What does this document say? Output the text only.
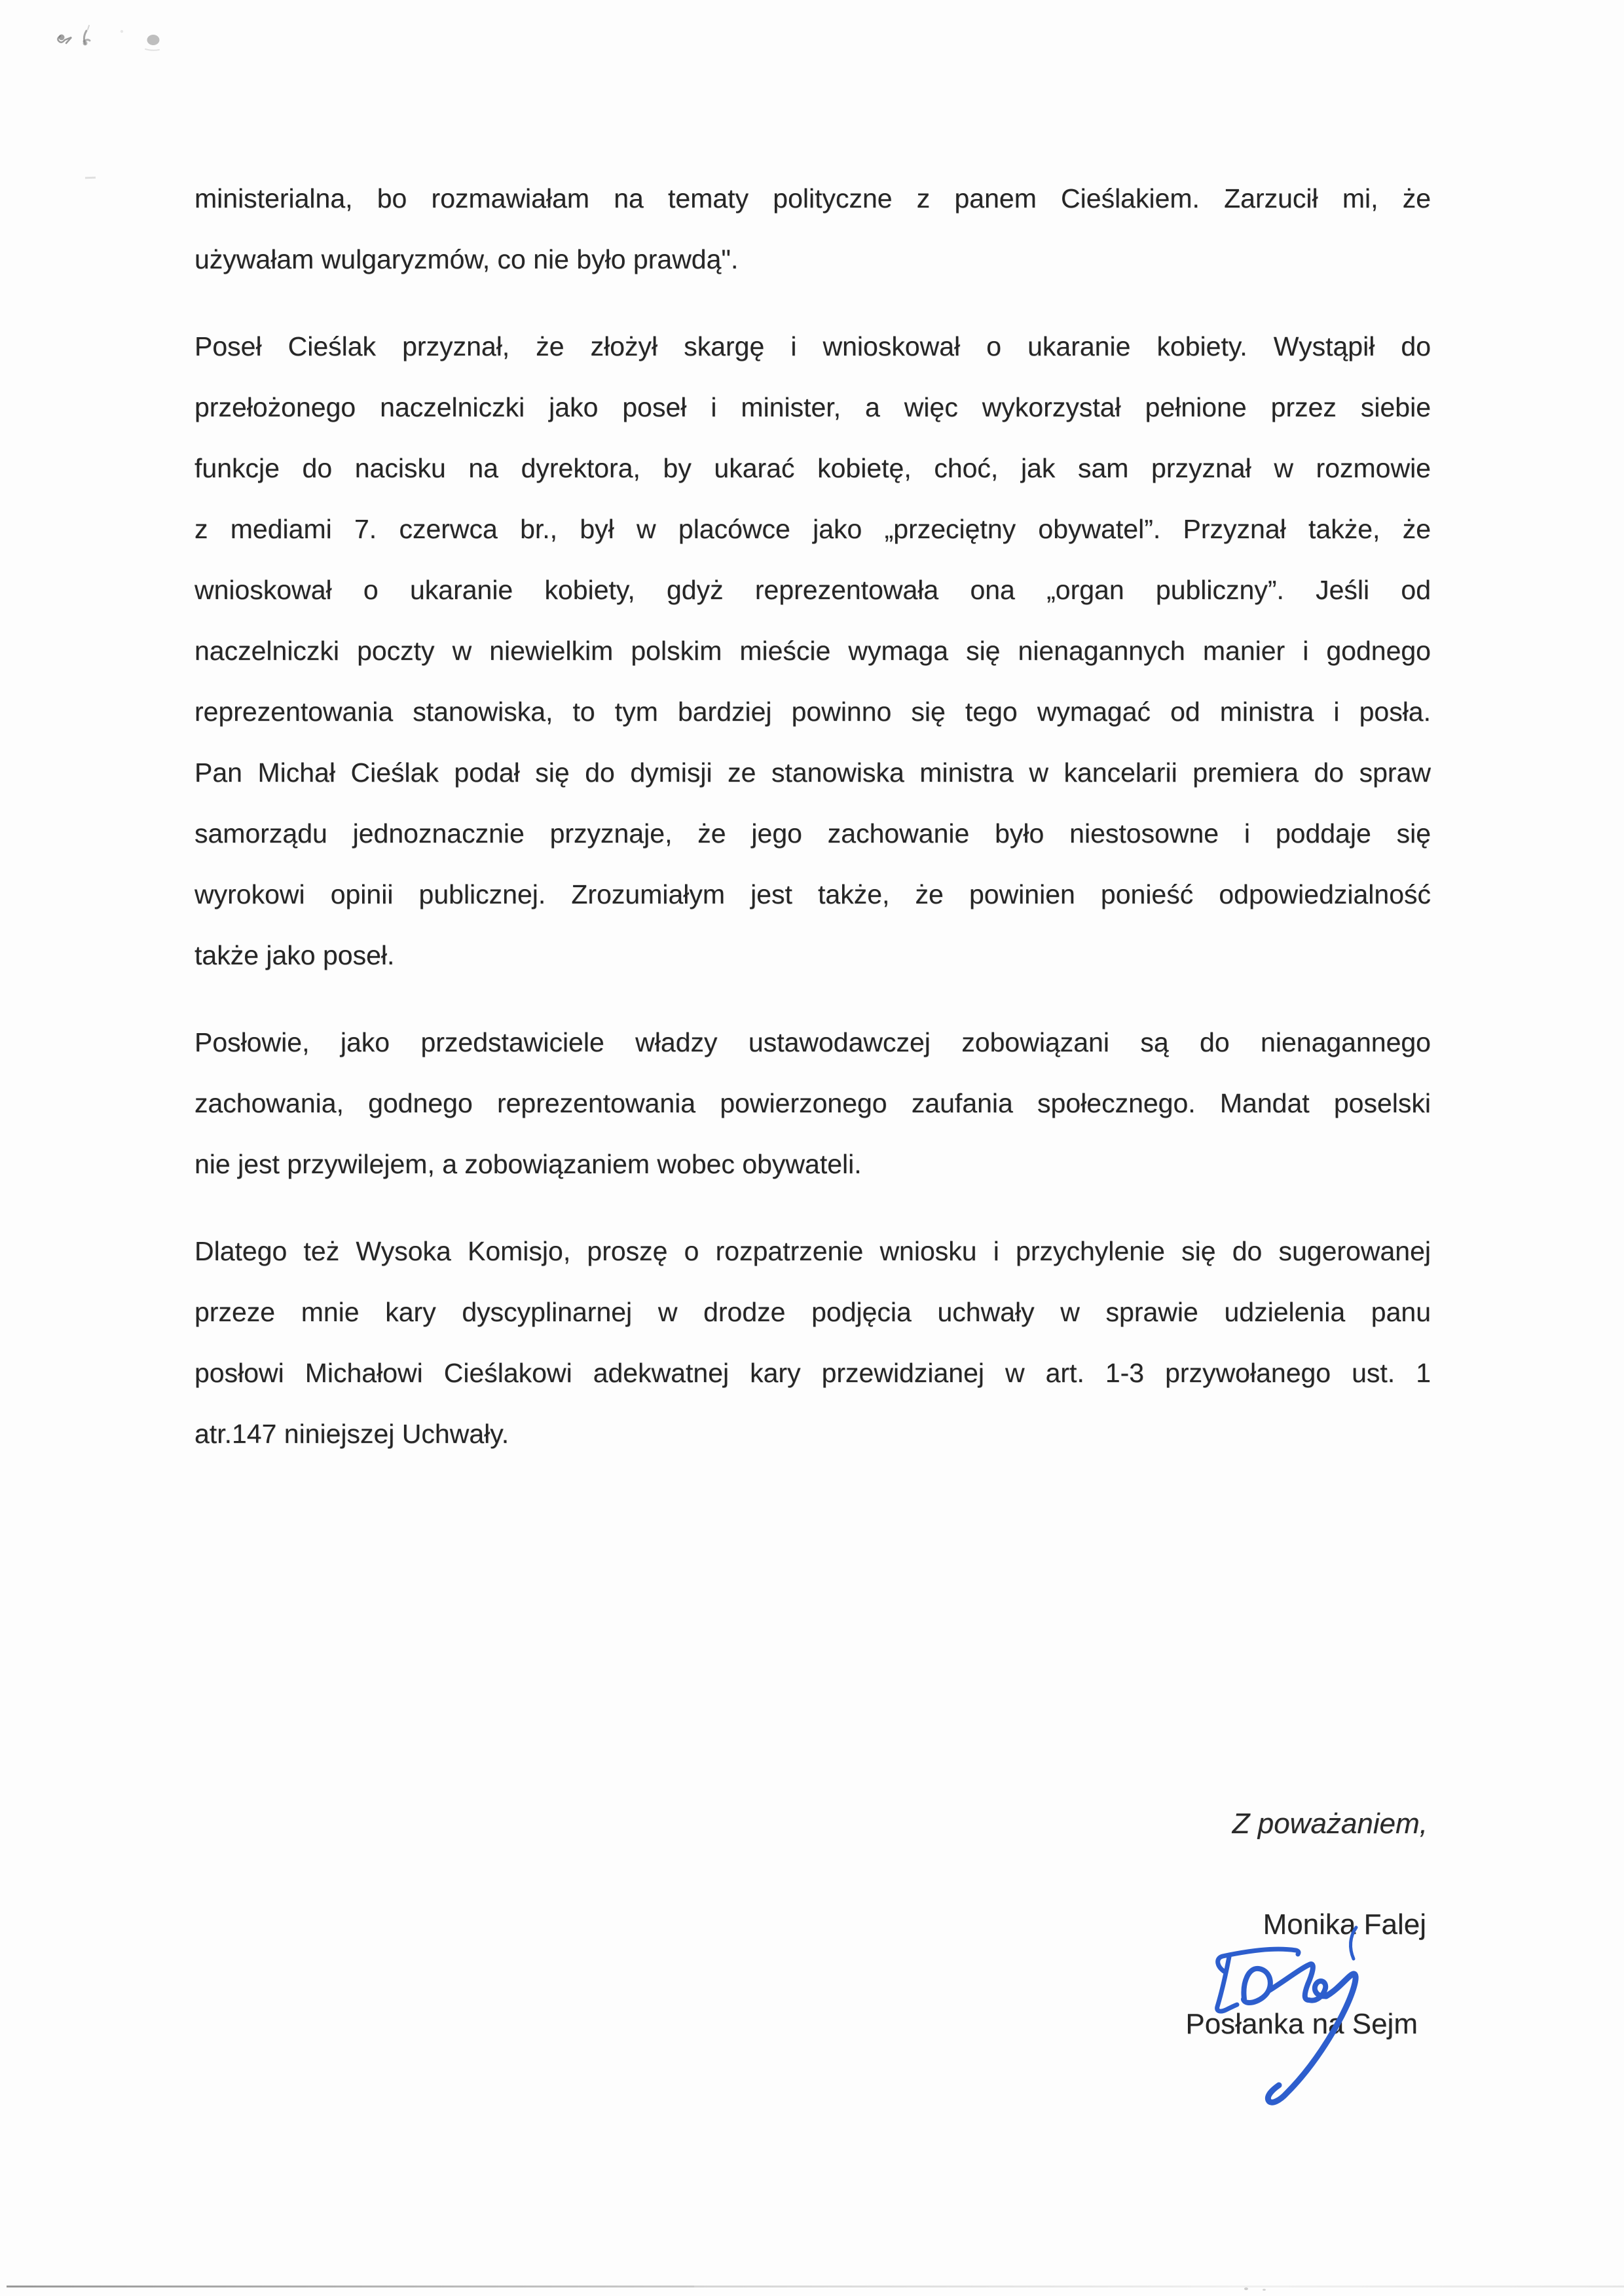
ministerialna, bo rozmawiałam na tematy polityczne z panem Cieślakiem. Zarzucił mi, że
używałam wulgaryzmów, co nie było prawdą".
Poseł Cieślak przyznał, że złożył skargę i wnioskował o ukaranie kobiety. Wystąpił do
przełożonego naczelniczki jako poseł i minister, a więc wykorzystał pełnione przez siebie
funkcje do nacisku na dyrektora, by ukarać kobietę, choć, jak sam przyznał w rozmowie
z mediami 7. czerwca br., był w placówce jako „przeciętny obywatel”. Przyznał także, że
wnioskował o ukaranie kobiety, gdyż reprezentowała ona „organ publiczny”. Jeśli od
naczelniczki poczty w niewielkim polskim mieście wymaga się nienagannych manier i godnego
reprezentowania stanowiska, to tym bardziej powinno się tego wymagać od ministra i posła.
Pan Michał Cieślak podał się do dymisji ze stanowiska ministra w kancelarii premiera do spraw
samorządu jednoznacznie przyznaje, że jego zachowanie było niestosowne i poddaje się
wyrokowi opinii publicznej. Zrozumiałym jest także, że powinien ponieść odpowiedzialność
także jako poseł.
Posłowie, jako przedstawiciele władzy ustawodawczej zobowiązani są do nienagannego
zachowania, godnego reprezentowania powierzonego zaufania społecznego. Mandat poselski
nie jest przywilejem, a zobowiązaniem wobec obywateli.
Dlatego też Wysoka Komisjo, proszę o rozpatrzenie wniosku i przychylenie się do sugerowanej
przeze mnie kary dyscyplinarnej w drodze podjęcia uchwały w sprawie udzielenia panu
posłowi Michałowi Cieślakowi adekwatnej kary przewidzianej w art. 1-3 przywołanego ust. 1
atr.147 niniejszej Uchwały.
Z poważaniem,
Monika Falej
Posłanka na Sejm
